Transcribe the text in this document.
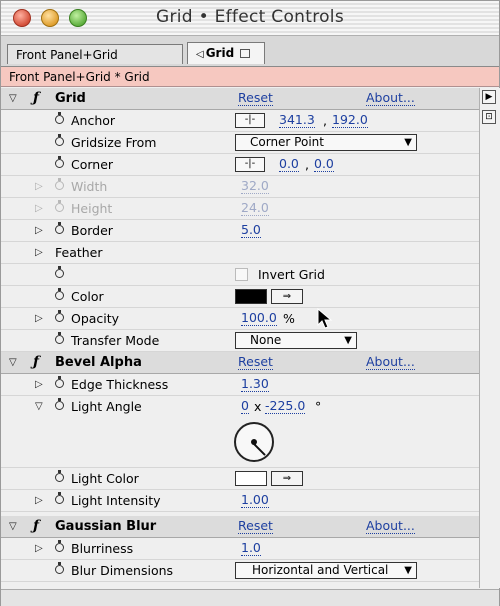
Grid • Effect Controls
Front Panel+Grid	◁ Grid
Front Panel+Grid * Grid
▽ ƒ Grid	Reset	About...
Anchor	-|-	341.3 , 192.0
Gridsize From	Corner Point	▼
Corner	-|-	0.0 , 0.0
▷ Width	32.0
▷ Height	24.0
▷ Border	5.0
▷ Feather
Invert Grid
Color	⇒
▷ Opacity	100.0 %
Transfer Mode	None	▼
▽ ƒ Bevel Alpha	Reset	About...
▷ Edge Thickness	1.30
▽ Light Angle	0 x -225.0 °
Light Color	⇒
▷ Light Intensity	1.00
▽ ƒ Gaussian Blur	Reset	About...
▷ Blurriness	1.0
Blur Dimensions	Horizontal and Vertical ▼
▶
⊡
